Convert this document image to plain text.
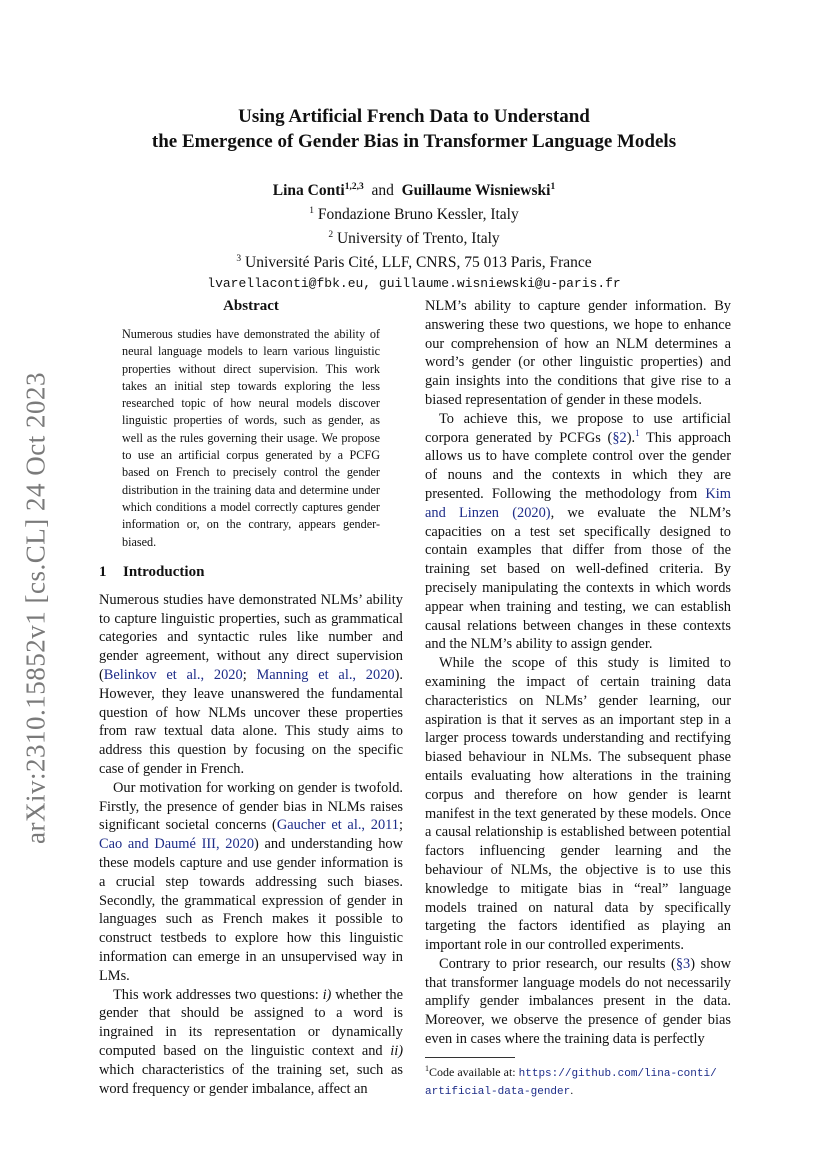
arXiv:2310.15852v1 [cs.CL] 24 Oct 2023
Using Artificial French Data to Understand
the Emergence of Gender Bias in Transformer Language Models
Lina Conti$^{1,2,3}$ and Guillaume Wisniewski$^1$
$^1$ Fondazione Bruno Kessler, Italy
$^2$ University of Trento, Italy
$^3$ Université Paris Cité, LLF, CNRS, 75 013 Paris, France
lvarellaconti@fbk.eu, guillaume.wisniewski@u-paris.fr
Abstract
Numerous studies have demonstrated the ability of neural language models to learn various linguistic properties without direct supervision. This work takes an initial step towards exploring the less researched topic of how neural models discover linguistic properties of words, such as gender, as well as the rules governing their usage. We propose to use an artificial corpus generated by a PCFG based on French to precisely control the gender distribution in the training data and determine under which conditions a model correctly captures gender information or, on the contrary, appears gender-biased.
1 Introduction

Numerous studies have demonstrated NLMs’ ability to capture linguistic properties, such as grammatical categories and syntactic rules like number and gender agreement, without any direct supervision (Belinkov et al., 2020; Manning et al., 2020). However, they leave unanswered the fundamental question of how NLMs uncover these properties from raw textual data alone. This study aims to address this question by focusing on the specific case of gender in French.

Our motivation for working on gender is twofold. Firstly, the presence of gender bias in NLMs raises significant societal concerns (Gaucher et al., 2011; Cao and Daumé III, 2020) and understanding how these models capture and use gender information is a crucial step towards addressing such biases. Secondly, the grammatical expression of gender in languages such as French makes it possible to construct testbeds to explore how this linguistic information can emerge in an unsupervised way in LMs.

This work addresses two questions: i) whether the gender that should be assigned to a word is ingrained in its representation or dynamically computed based on the linguistic context and ii) which characteristics of the training set, such as word frequency or gender imbalance, affect an

NLM’s ability to capture gender information. By answering these two questions, we hope to enhance our comprehension of how an NLM determines a word’s gender (or other linguistic properties) and gain insights into the conditions that give rise to a biased representation of gender in these models.

To achieve this, we propose to use artificial corpora generated by PCFGs (§2).$^1$ This approach allows us to have complete control over the gender of nouns and the contexts in which they are presented. Following the methodology from Kim and Linzen (2020), we evaluate the NLM’s capacities on a test set specifically designed to contain examples that differ from those of the training set based on well-defined criteria. By precisely manipulating the contexts in which words appear when training and testing, we can establish causal relations between changes in these contexts and the NLM’s ability to assign gender.

While the scope of this study is limited to examining the impact of certain training data characteristics on NLMs’ gender learning, our aspiration is that it serves as an important step in a larger process towards understanding and rectifying biased behaviour in NLMs. The subsequent phase entails evaluating how alterations in the training corpus and therefore on how gender is learnt manifest in the text generated by these models. Once a causal relationship is established between potential factors influencing gender learning and the behaviour of NLMs, the objective is to use this knowledge to mitigate bias in “real” language models trained on natural data by specifically targeting the factors identified as playing an important role in our controlled experiments.

Contrary to prior research, our results (§3) show that transformer language models do not necessarily amplify gender imbalances present in the data. Moreover, we observe the presence of gender bias even in cases where the training data is perfectly

$^1$Code available at: https://github.com/lina-conti/
artificial-data-gender.
